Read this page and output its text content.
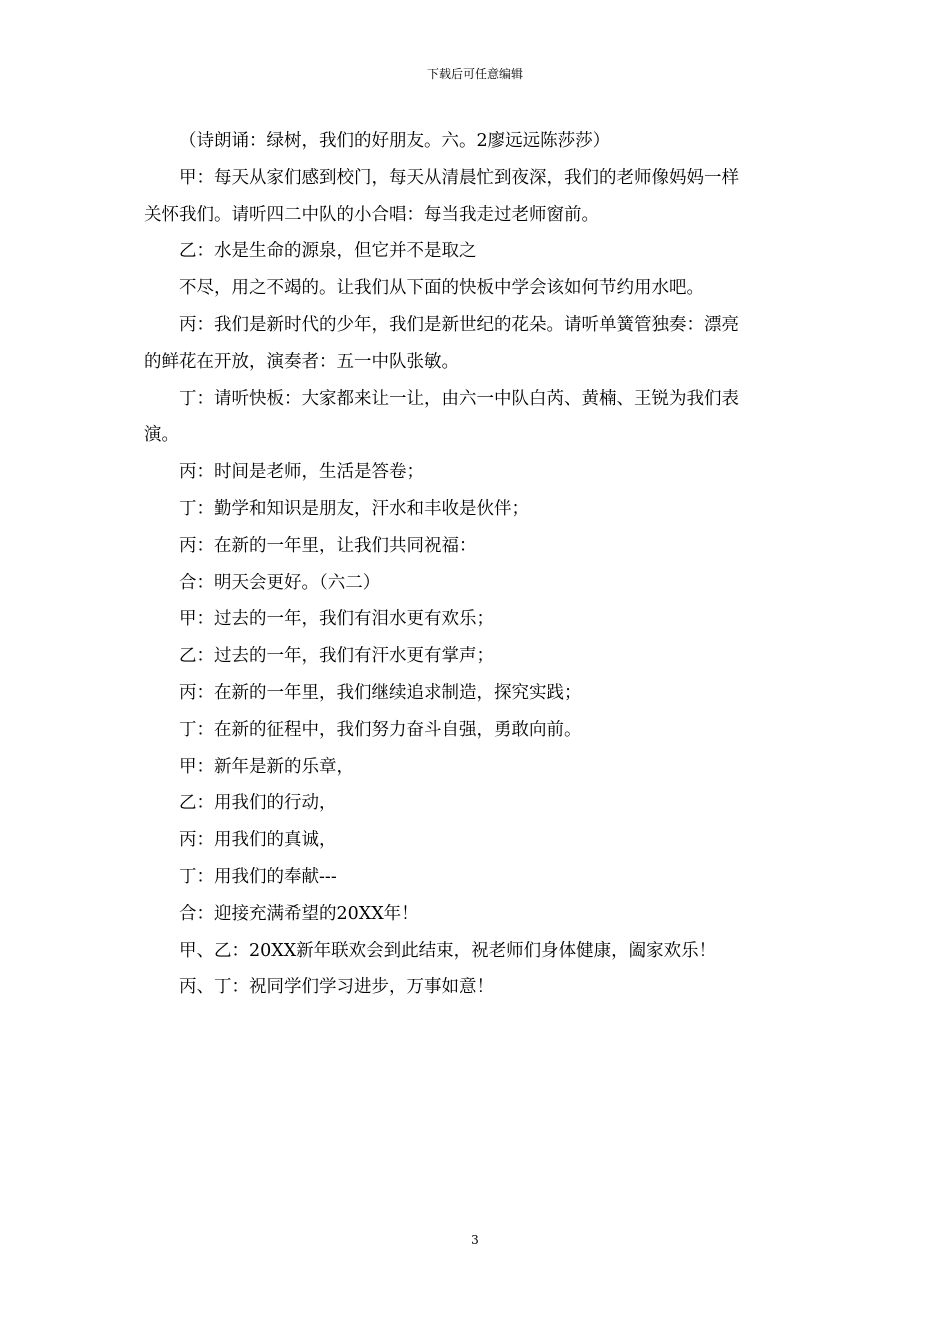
下载后可任意编辑

（诗朗诵：绿树，我们的好朋友。六。2廖远远陈莎莎）

甲：每天从家们感到校门，每天从清晨忙到夜深，我们的老师像妈妈一样

关怀我们。请听四二中队的小合唱：每当我走过老师窗前。

乙：水是生命的源泉，但它并不是取之

不尽，用之不竭的。让我们从下面的快板中学会该如何节约用水吧。

丙：我们是新时代的少年，我们是新世纪的花朵。请听单簧管独奏：漂亮

的鲜花在开放，演奏者：五一中队张敏。

丁：请听快板：大家都来让一让，由六一中队白芮、黄楠、王锐为我们表

演。

丙：时间是老师，生活是答卷；

丁：勤学和知识是朋友，汗水和丰收是伙伴；

丙：在新的一年里，让我们共同祝福：

合：明天会更好。（六二）

甲：过去的一年，我们有泪水更有欢乐；

乙：过去的一年，我们有汗水更有掌声；

丙：在新的一年里，我们继续追求制造，探究实践；

丁：在新的征程中，我们努力奋斗自强，勇敢向前。

甲：新年是新的乐章，

乙：用我们的行动，

丙：用我们的真诚，

丁：用我们的奉献---

合：迎接充满希望的20XX年！

甲、乙：20XX新年联欢会到此结束，祝老师们身体健康，阖家欢乐！

丙、丁：祝同学们学习进步，万事如意！

3
